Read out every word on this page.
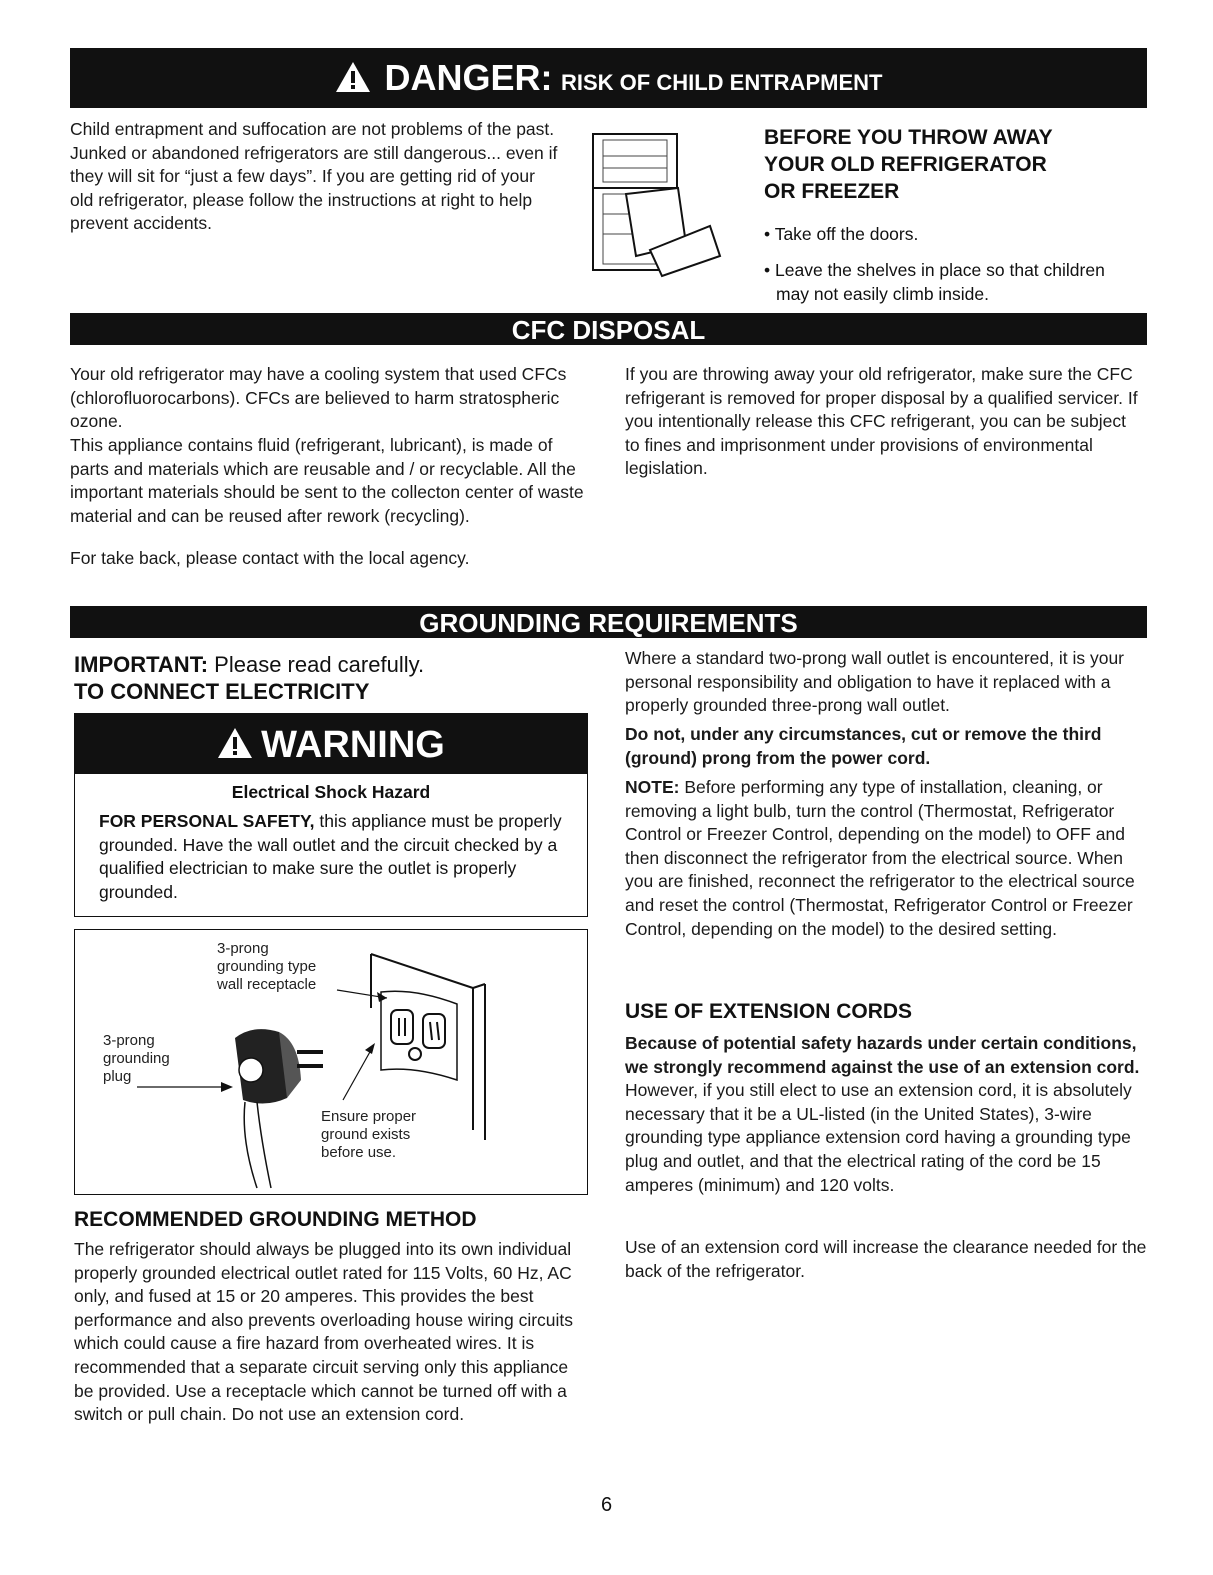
DANGER: RISK OF CHILD ENTRAPMENT
Child entrapment and suffocation are not problems of the past. Junked or abandoned refrigerators are still dangerous... even if they will sit for “just a few days”. If you are getting rid of your old refrigerator, please follow the instructions at right to help prevent accidents.
BEFORE YOU THROW AWAY
YOUR OLD REFRIGERATOR
OR FREEZER
• Take off the doors.
• Leave the shelves in place so that children may not easily climb inside.
CFC DISPOSAL
Your old refrigerator may have a cooling system that used CFCs (chlorofluorocarbons). CFCs are believed to harm stratospheric ozone.
This appliance contains fluid (refrigerant, lubricant), is made of parts and materials which are reusable and / or recyclable. All the important materials should be sent to the collecton center of waste material and can be reused after rework (recycling).
For take back, please contact with the local agency.
If you are throwing away your old refrigerator, make sure the CFC refrigerant is removed for proper disposal by a qualified servicer. If you intentionally release this CFC refrigerant, you can be subject to fines and imprisonment under provisions of environmental legislation.
GROUNDING REQUIREMENTS
IMPORTANT: Please read carefully.
TO CONNECT ELECTRICITY
WARNING
Electrical Shock Hazard
FOR PERSONAL SAFETY, this appliance must be properly grounded. Have the wall outlet and the circuit checked by a qualified electrician to make sure the outlet is properly grounded.
3-prong
grounding type
wall receptacle
3-prong
grounding
plug
Ensure proper
ground exists
before use.
RECOMMENDED GROUNDING METHOD
The refrigerator should always be plugged into its own individual properly grounded electrical outlet rated for 115 Volts, 60 Hz, AC only, and fused at 15 or 20 amperes. This provides the best performance and also prevents overloading house wiring circuits which could cause a fire hazard from overheated wires. It is recommended that a separate circuit serving only this appliance be provided. Use a receptacle which cannot be turned off with a switch or pull chain. Do not use an extension cord.
Where a standard two-prong wall outlet is encountered, it is your personal responsibility and obligation to have it replaced with a properly grounded three-prong wall outlet.
Do not, under any circumstances, cut or remove the third (ground) prong from the power cord.
NOTE: Before performing any type of installation, cleaning, or removing a light bulb, turn the control (Thermostat, Refrigerator Control or Freezer Control, depending on the model) to OFF and then disconnect the refrigerator from the electrical source. When you are finished, reconnect the refrigerator to the electrical source and reset the control (Thermostat, Refrigerator Control or Freezer Control, depending on the model) to the desired setting.
USE OF EXTENSION CORDS
Because of potential safety hazards under certain conditions, we strongly recommend against the use of an extension cord. However, if you still elect to use an extension cord, it is absolutely necessary that it be a UL-listed (in the United States), 3-wire grounding type appliance extension cord having a grounding type plug and outlet, and that the electrical rating of the cord be 15 amperes (minimum) and 120 volts.
Use of an extension cord will increase the clearance needed for the back of the refrigerator.
6
